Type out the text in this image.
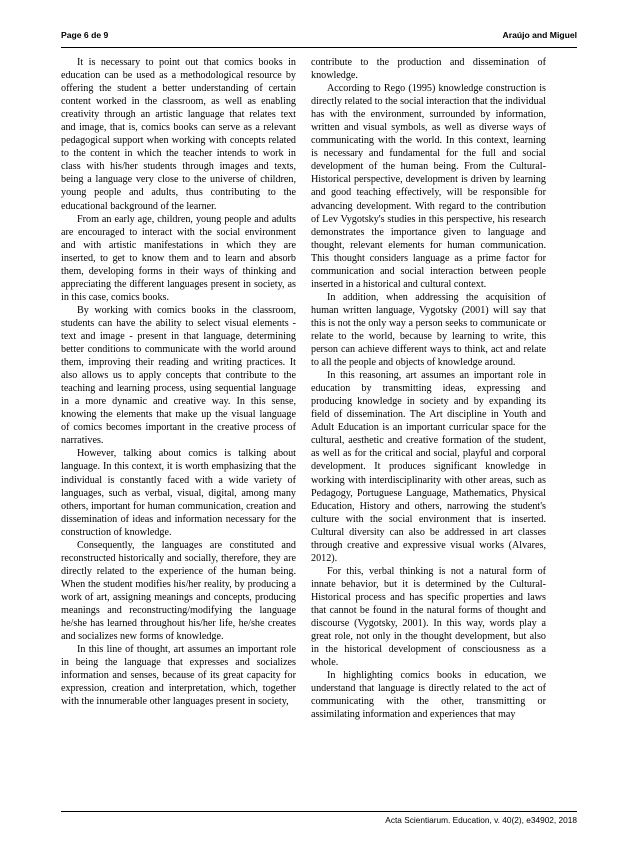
Page 6 de 9	Araújo and Miguel

It is necessary to point out that comics books in education can be used as a methodological resource by offering the student a better understanding of certain content worked in the classroom, as well as enabling creativity through an artistic language that relates text and image, that is, comics books can serve as a relevant pedagogical support when working with concepts related to the content in which the teacher intends to work in class with his/her students through images and texts, being a language very close to the universe of children, young people and adults, thus contributing to the educational background of the learner.

From an early age, children, young people and adults are encouraged to interact with the social environment and with artistic manifestations in which they are inserted, to get to know them and to learn and absorb them, developing forms in their ways of thinking and appreciating the different languages present in society, as in this case, comics books.

By working with comics books in the classroom, students can have the ability to select visual elements - text and image - present in that language, determining better conditions to communicate with the world around them, improving their reading and writing practices. It also allows us to apply concepts that contribute to the teaching and learning process, using sequential language in a more dynamic and creative way. In this sense, knowing the elements that make up the visual language of comics becomes important in the creative process of narratives.

However, talking about comics is talking about language. In this context, it is worth emphasizing that the individual is constantly faced with a wide variety of languages, such as verbal, visual, digital, among many others, important for human communication, creation and dissemination of ideas and information necessary for the construction of knowledge.

Consequently, the languages are constituted and reconstructed historically and socially, therefore, they are directly related to the experience of the human being. When the student modifies his/her reality, by producing a work of art, assigning meanings and concepts, producing meanings and reconstructing/modifying the language he/she has learned throughout his/her life, he/she creates and socializes new forms of knowledge.

In this line of thought, art assumes an important role in being the language that expresses and socializes information and senses, because of its great capacity for expression, creation and interpretation, which, together with the innumerable other languages present in society,

contribute to the production and dissemination of knowledge.

According to Rego (1995) knowledge construction is directly related to the social interaction that the individual has with the environment, surrounded by information, written and visual symbols, as well as diverse ways of communicating with the world. In this context, learning is necessary and fundamental for the full and social development of the human being. From the Cultural-Historical perspective, development is driven by learning and good teaching effectively, will be responsible for advancing development. With regard to the contribution of Lev Vygotsky's studies in this perspective, his research demonstrates the importance given to language and thought, relevant elements for human communication. This thought considers language as a prime factor for communication and social interaction between people inserted in a historical and cultural context.

In addition, when addressing the acquisition of human written language, Vygotsky (2001) will say that this is not the only way a person seeks to communicate or relate to the world, because by learning to write, this person can achieve different ways to think, act and relate to all the people and objects of knowledge around.

In this reasoning, art assumes an important role in education by transmitting ideas, expressing and producing knowledge in society and by expanding its field of dissemination. The Art discipline in Youth and Adult Education is an important curricular space for the cultural, aesthetic and creative formation of the student, as well as for the critical and social, playful and corporal development. It produces significant knowledge in working with interdisciplinarity with other areas, such as Pedagogy, Portuguese Language, Mathematics, Physical Education, History and others, narrowing the student's culture with the social environment that is inserted. Cultural diversity can also be addressed in art classes through creative and expressive visual works (Alvares, 2012).

For this, verbal thinking is not a natural form of innate behavior, but it is determined by the Cultural-Historical process and has specific properties and laws that cannot be found in the natural forms of thought and discourse (Vygotsky, 2001). In this way, words play a great role, not only in the thought development, but also in the historical development of consciousness as a whole.

In highlighting comics books in education, we understand that language is directly related to the act of communicating with the other, transmitting or assimilating information and experiences that may

Acta Scientiarum. Education, v. 40(2), e34902, 2018
